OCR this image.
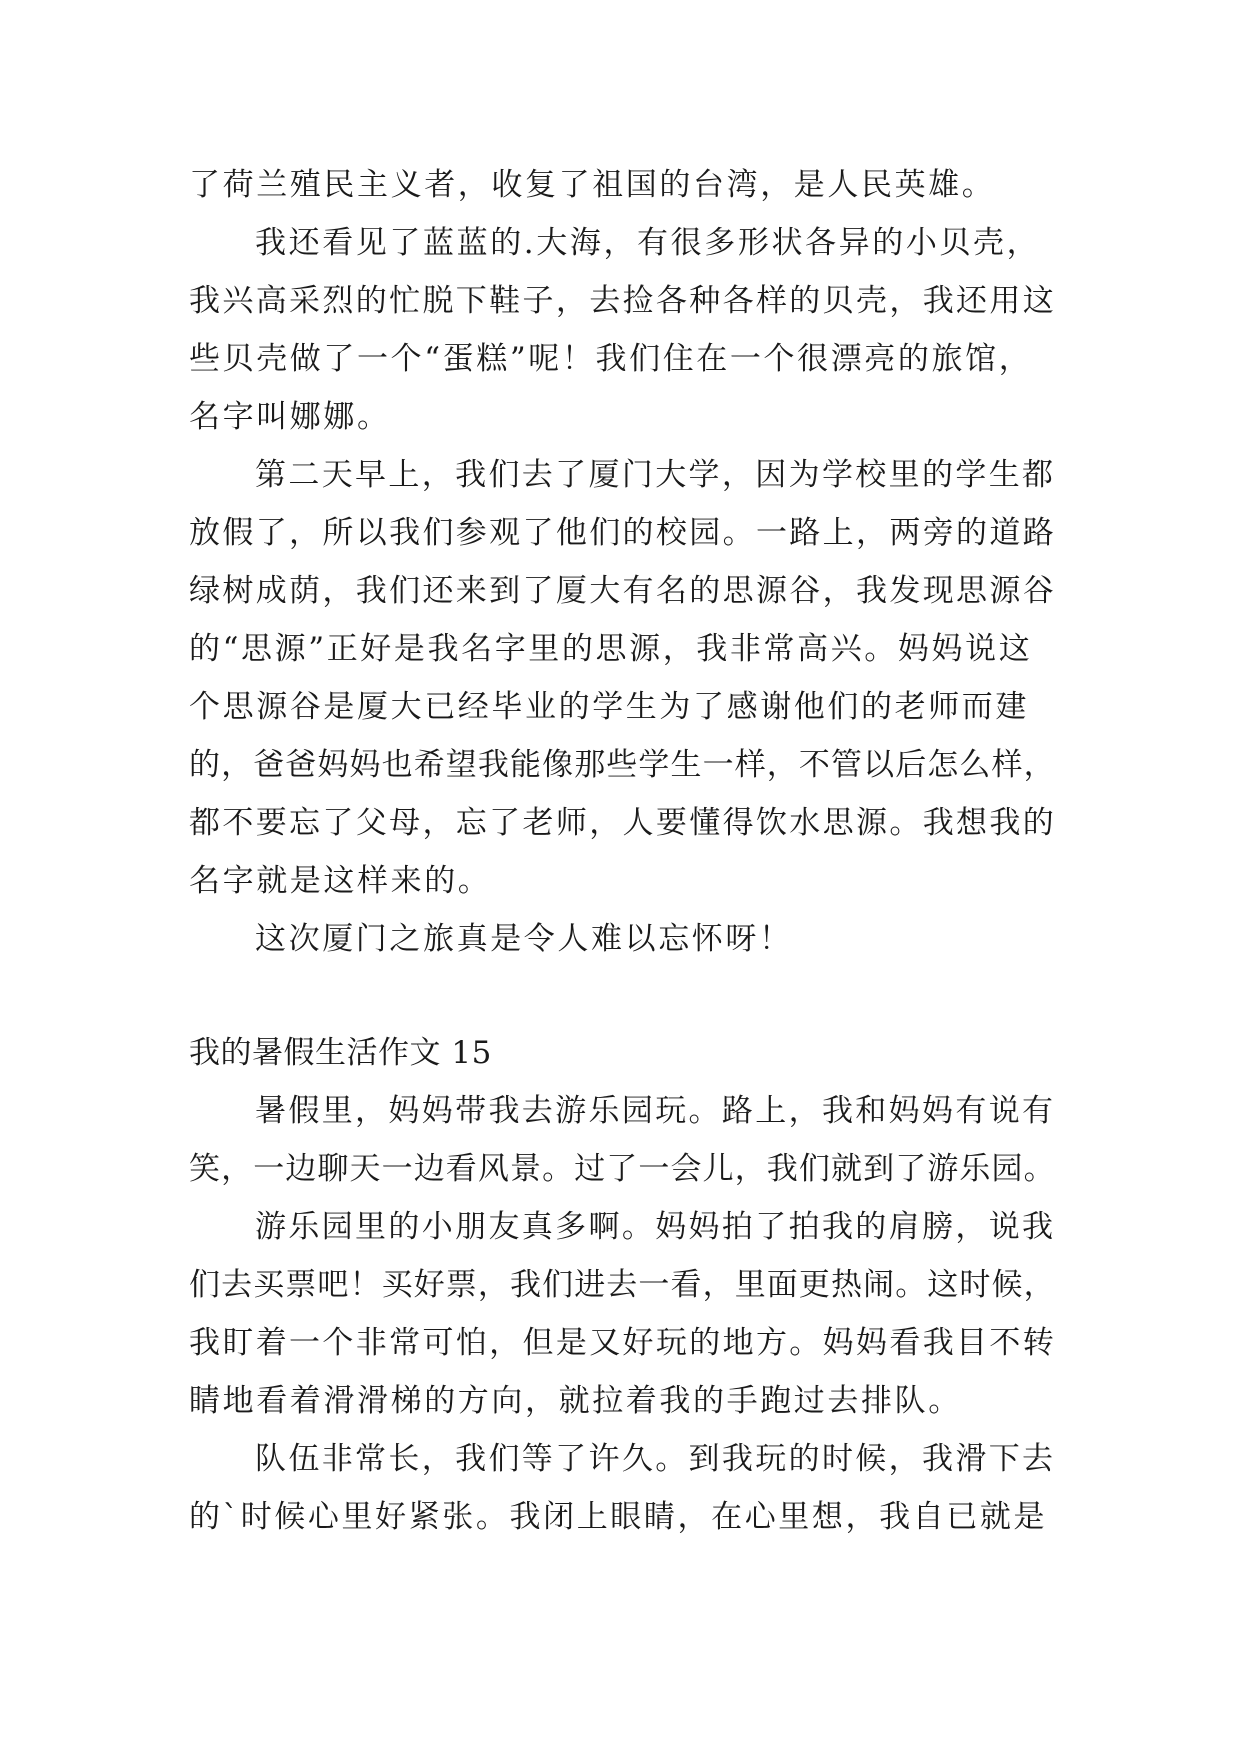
了荷兰殖民主义者，收复了祖国的台湾，是人民英雄。
我还看见了蓝蓝的.大海，有很多形状各异的小贝壳，
我兴高采烈的忙脱下鞋子，去捡各种各样的贝壳，我还用这
些贝壳做了一个“蛋糕”呢！我们住在一个很漂亮的旅馆，
名字叫娜娜。
第二天早上，我们去了厦门大学，因为学校里的学生都
放假了，所以我们参观了他们的校园。一路上，两旁的道路
绿树成荫，我们还来到了厦大有名的思源谷，我发现思源谷
的“思源”正好是我名字里的思源，我非常高兴。妈妈说这
个思源谷是厦大已经毕业的学生为了感谢他们的老师而建
的，爸爸妈妈也希望我能像那些学生一样，不管以后怎么样，
都不要忘了父母，忘了老师，人要懂得饮水思源。我想我的
名字就是这样来的。
这次厦门之旅真是令人难以忘怀呀！
我的暑假生活作文 15
暑假里，妈妈带我去游乐园玩。路上，我和妈妈有说有
笑，一边聊天一边看风景。过了一会儿，我们就到了游乐园。
游乐园里的小朋友真多啊。妈妈拍了拍我的肩膀，说我
们去买票吧！买好票，我们进去一看，里面更热闹。这时候，
我盯着一个非常可怕，但是又好玩的地方。妈妈看我目不转
睛地看着滑滑梯的方向，就拉着我的手跑过去排队。
队伍非常长，我们等了许久。到我玩的时候，我滑下去
的`时候心里好紧张。我闭上眼睛，在心里想，我自已就是
